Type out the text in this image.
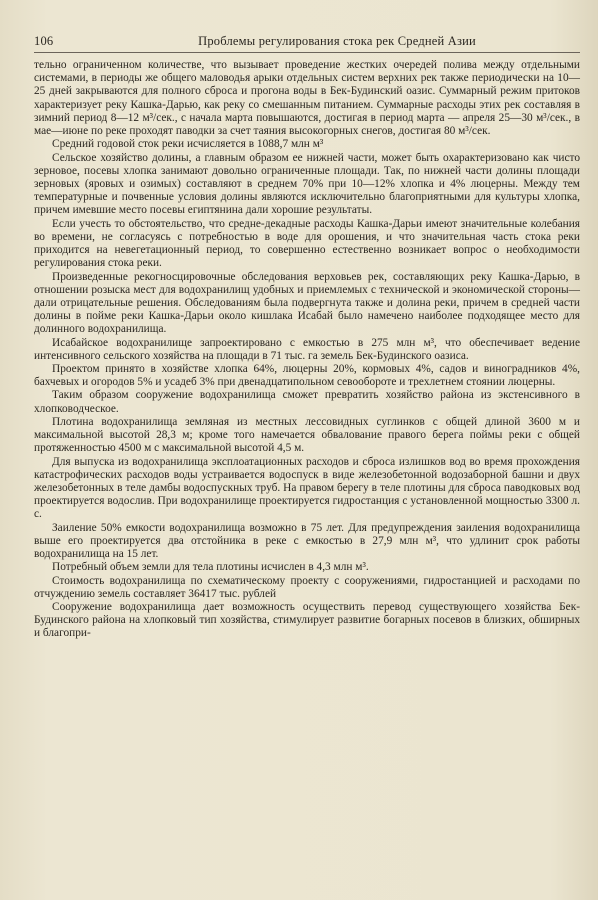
106	Проблемы регулирования стока рек Средней Азии

тельно ограниченном количестве, что вызывает проведение жестких очередей полива между отдельными системами, в периоды же общего маловодья арыки отдельных систем верхних рек также периодически на 10—25 дней закрываются для полного сброса и прогона воды в Бек-Будинский оазис. Суммарный режим притоков характеризует реку Кашка-Дарью, как реку со смешанным питанием. Суммарные расходы этих рек составляя в зимний период 8—12 м³/сек., с начала марта повышаются, достигая в период марта — апреля 25—30 м³/сек., в мае—июне по реке проходят паводки за счет таяния высокогорных снегов, достигая 80 м³/сек.

Средний годовой сток реки исчисляется в 1088,7 млн м³

Сельское хозяйство долины, а главным образом ее нижней части, может быть охарактеризовано как чисто зерновое, посевы хлопка занимают довольно ограниченные площади. Так, по нижней части долины площади зерновых (яровых и озимых) составляют в среднем 70% при 10—12% хлопка и 4% люцерны. Между тем температурные и почвенные условия долины являются исключительно благоприятными для культуры хлопка, причем имевшие место посевы египтянина дали хорошие результаты.

Если учесть то обстоятельство, что средне-декадные расходы Кашка-Дарьи имеют значительные колебания во времени, не согласуясь с потребностью в воде для орошения, и что значительная часть стока реки приходится на невегетационный период, то совершенно естественно возникает вопрос о необходимости регулирования стока реки.

Произведенные рекогносцировочные обследования верховьев рек, составляющих реку Кашка-Дарью, в отношении розыска мест для водохранилищ удобных и приемлемых с технической и экономической стороны—дали отрицательные решения. Обследованиям была подвергнута также и долина реки, причем в средней части долины в пойме реки Кашка-Дарьи около кишлака Исабай было намечено наиболее подходящее место для долинного водохранилища.

Исабайское водохранилище запроектировано с емкостью в 275 млн м³, что обеспечивает ведение интенсивного сельского хозяйства на площади в 71 тыс. га земель Бек-Будинского оазиса.

Проектом принято в хозяйстве хлопка 64%, люцерны 20%, кормовых 4%, садов и виноградников 4%, бахчевых и огородов 5% и усадеб 3% при двенадцатипольном севообороте и трехлетнем стоянии люцерны.

Таким образом сооружение водохранилища сможет превратить хозяйство района из экстенсивного в хлопководческое.

Плотина водохранилища земляная из местных лессовидных суглинков с общей длиной 3600 м и максимальной высотой 28,3 м; кроме того намечается обвалование правого берега поймы реки с общей протяженностью 4500 м с максимальной высотой 4,5 м.

Для выпуска из водохранилища эксплоатационных расходов и сброса излишков вод во время прохождения катастрофических расходов воды устраивается водоспуск в виде железобетонной водозаборной башни и двух железобетонных в теле дамбы водоспускных труб. На правом берегу в теле плотины для сброса паводковых вод проектируется водослив. При водохранилище проектируется гидростанция с установленной мощностью 3300 л. с.

Заиление 50% емкости водохранилища возможно в 75 лет. Для предупреждения заиления водохранилища выше его проектируется два отстойника в реке с емкостью в 27,9 млн м³, что удлинит срок работы водохранилища на 15 лет.

Потребный объем земли для тела плотины исчислен в 4,3 млн м³.

Стоимость водохранилища по схематическому проекту с сооружениями, гидростанцией и расходами по отчуждению земель составляет 36417 тыс. рублей

Сооружение водохранилища дает возможность осуществить перевод существующего хозяйства Бек-Будинского района на хлопковый тип хозяйства, стимулирует развитие богарных посевов в близких, обширных и благопри-
